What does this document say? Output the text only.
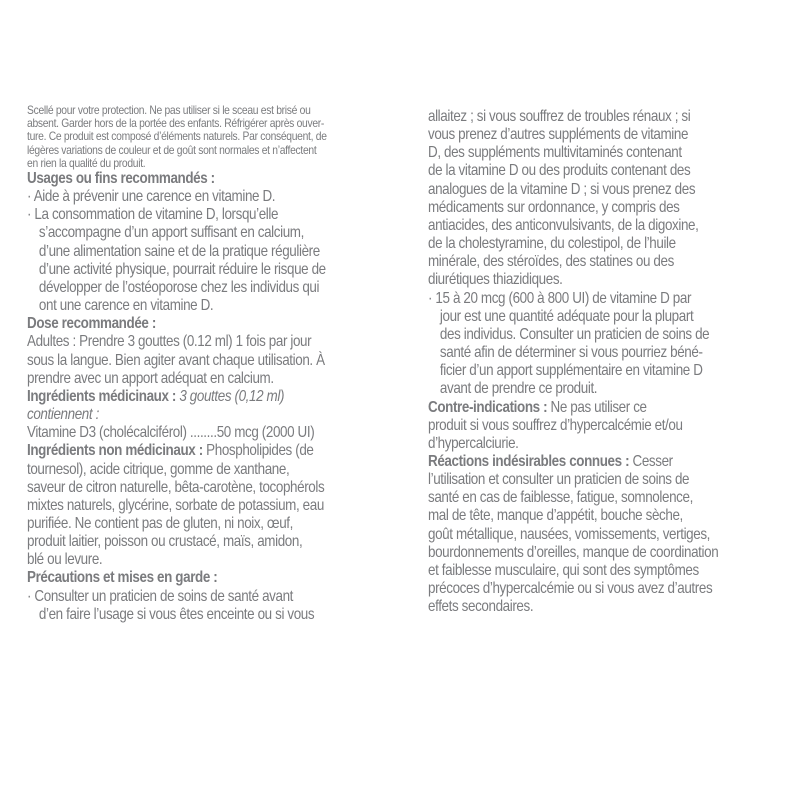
Scellé pour votre protection. Ne pas utiliser si le sceau est brisé ou
absent. Garder hors de la portée des enfants. Réfrigérer après ouver-
ture. Ce produit est composé d’éléments naturels. Par conséquent, de
légères variations de couleur et de goût sont normales et n’affectent
en rien la qualité du produit.
Usages ou fins recommandés :
· Aide à prévenir une carence en vitamine D.
· La consommation de vitamine D, lorsqu’elle
s’accompagne d’un apport suffisant en calcium,
d’une alimentation saine et de la pratique régulière
d’une activité physique, pourrait réduire le risque de
développer de l’ostéoporose chez les individus qui
ont une carence en vitamine D.
Dose recommandée :
Adultes : Prendre 3 gouttes (0.12 ml) 1 fois par jour
sous la langue. Bien agiter avant chaque utilisation. À
prendre avec un apport adéquat en calcium.
Ingrédients médicinaux : 3 gouttes (0,12 ml)
contiennent :
Vitamine D3 (cholécalciférol) ........50 mcg (2000 UI)
Ingrédients non médicinaux : Phospholipides (de
tournesol), acide citrique, gomme de xanthane,
saveur de citron naturelle, bêta-carotène, tocophérols
mixtes naturels, glycérine, sorbate de potassium, eau
purifiée. Ne contient pas de gluten, ni noix, œuf,
produit laitier, poisson ou crustacé, maïs, amidon,
blé ou levure.
Précautions et mises en garde :
· Consulter un praticien de soins de santé avant
d’en faire l’usage si vous êtes enceinte ou si vous
allaitez ; si vous souffrez de troubles rénaux ; si
vous prenez d’autres suppléments de vitamine
D, des suppléments multivitaminés contenant
de la vitamine D ou des produits contenant des
analogues de la vitamine D ; si vous prenez des
médicaments sur ordonnance, y compris des
antiacides, des anticonvulsivants, de la digoxine,
de la cholestyramine, du colestipol, de l’huile
minérale, des stéroïdes, des statines ou des
diurétiques thiazidiques.
· 15 à 20 mcg (600 à 800 UI) de vitamine D par
jour est une quantité adéquate pour la plupart
des individus. Consulter un praticien de soins de
santé afin de déterminer si vous pourriez béné-
ficier d’un apport supplémentaire en vitamine D
avant de prendre ce produit.
Contre-indications : Ne pas utiliser ce
produit si vous souffrez d’hypercalcémie et/ou
d’hypercalciurie.
Réactions indésirables connues : Cesser
l’utilisation et consulter un praticien de soins de
santé en cas de faiblesse, fatigue, somnolence,
mal de tête, manque d’appétit, bouche sèche,
goût métallique, nausées, vomissements, vertiges,
bourdonnements d’oreilles, manque de coordination
et faiblesse musculaire, qui sont des symptômes
précoces d’hypercalcémie ou si vous avez d’autres
effets secondaires.
